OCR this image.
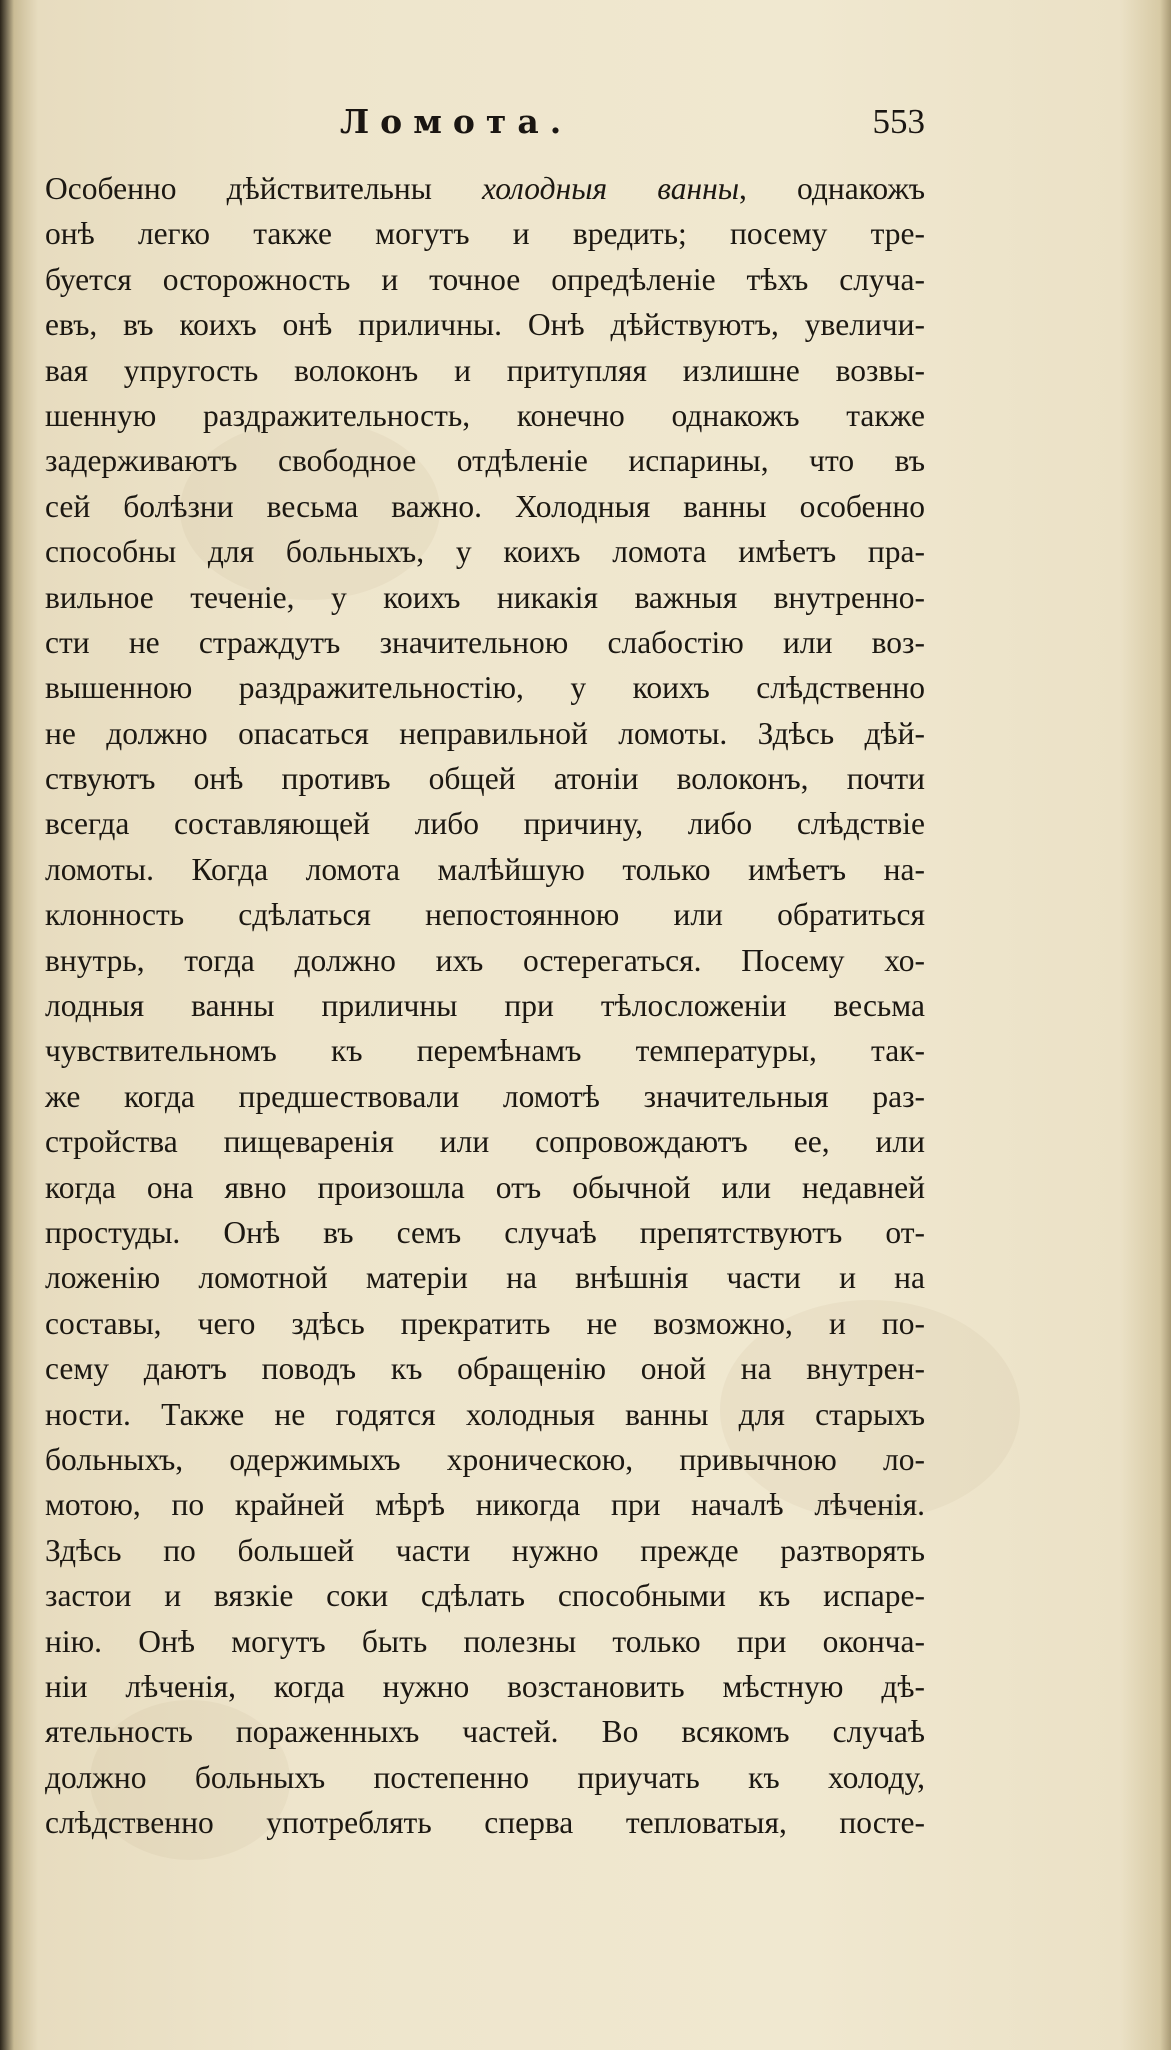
Ломота.	553
Особенно дѣйствительны холодныя ванны, однакожъ
онѣ легко также могутъ и вредить; посему тре-
буется осторожность и точное опредѣленіе тѣхъ случа-
евъ, въ коихъ онѣ приличны. Онѣ дѣйствуютъ, увеличи-
вая упругость волоконъ и притупляя излишне возвы-
шенную раздражительность, конечно однакожъ также
задерживаютъ свободное отдѣленіе испарины, что въ
сей болѣзни весьма важно. Холодныя ванны особенно
способны для больныхъ, у коихъ ломота имѣетъ пра-
вильное теченіе, у коихъ никакія важныя внутренно-
сти не страждутъ значительною слабостію или воз-
вышенною раздражительностію, у коихъ слѣдственно
не должно опасаться неправильной ломоты. Здѣсь дѣй-
ствуютъ онѣ противъ общей атоніи волоконъ, почти
всегда составляющей либо причину, либо слѣдствіе
ломоты. Когда ломота малѣйшую только имѣетъ на-
клонность сдѣлаться непостоянною или обратиться
внутрь, тогда должно ихъ остерегаться. Посему хо-
лодныя ванны приличны при тѣлосложеніи весьма
чувствительномъ къ перемѣнамъ температуры, так-
же когда предшествовали ломотѣ значительныя раз-
стройства пищеваренія или сопровождаютъ ее, или
когда она явно произошла отъ обычной или недавней
простуды. Онѣ въ семъ случаѣ препятствуютъ от-
ложенію ломотной матеріи на внѣшнія части и на
составы, чего здѣсь прекратить не возможно, и по-
сему даютъ поводъ къ обращенію оной на внутрен-
ности. Также не годятся холодныя ванны для старыхъ
больныхъ, одержимыхъ хроническою, привычною ло-
мотою, по крайней мѣрѣ никогда при началѣ лѣченія.
Здѣсь по большей части нужно прежде разтворять
застои и вязкіе соки сдѣлать способными къ испаре-
нію. Онѣ могутъ быть полезны только при оконча-
ніи лѣченія, когда нужно возстановить мѣстную дѣ-
ятельность пораженныхъ частей. Во всякомъ случаѣ
должно больныхъ постепенно приучать къ холоду,
слѣдственно употреблять сперва тепловатыя, посте-
